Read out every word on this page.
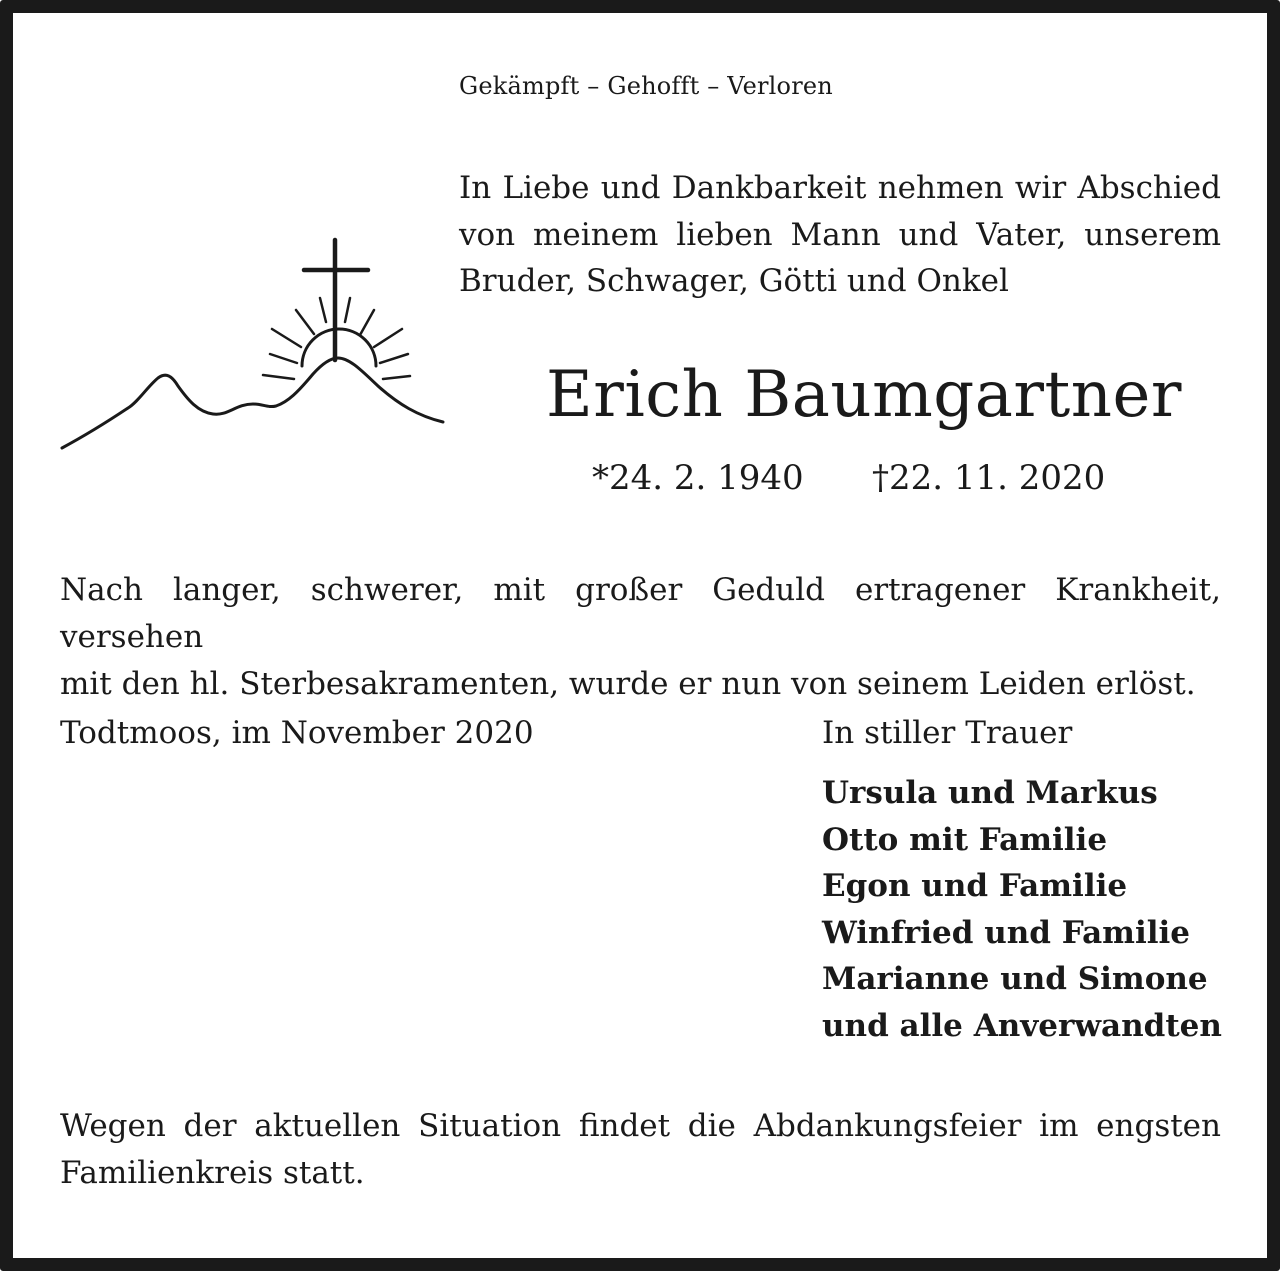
Gekämpft – Gehofft – Verloren
In Liebe und Dankbarkeit nehmen wir Abschied
von meinem lieben Mann und Vater, unserem
Bruder, Schwager, Götti und Onkel
Erich Baumgartner
*24. 2. 1940 †22. 11. 2020
Nach langer, schwerer, mit großer Geduld ertragener Krankheit, versehen
mit den hl. Sterbesakramenten, wurde er nun von seinem Leiden erlöst.
Todtmoos, im November 2020	In stiller Trauer
Ursula und Markus
Otto mit Familie
Egon und Familie
Winfried und Familie
Marianne und Simone
und alle Anverwandten
Wegen der aktuellen Situation findet die Abdankungsfeier im engsten
Familienkreis statt.
